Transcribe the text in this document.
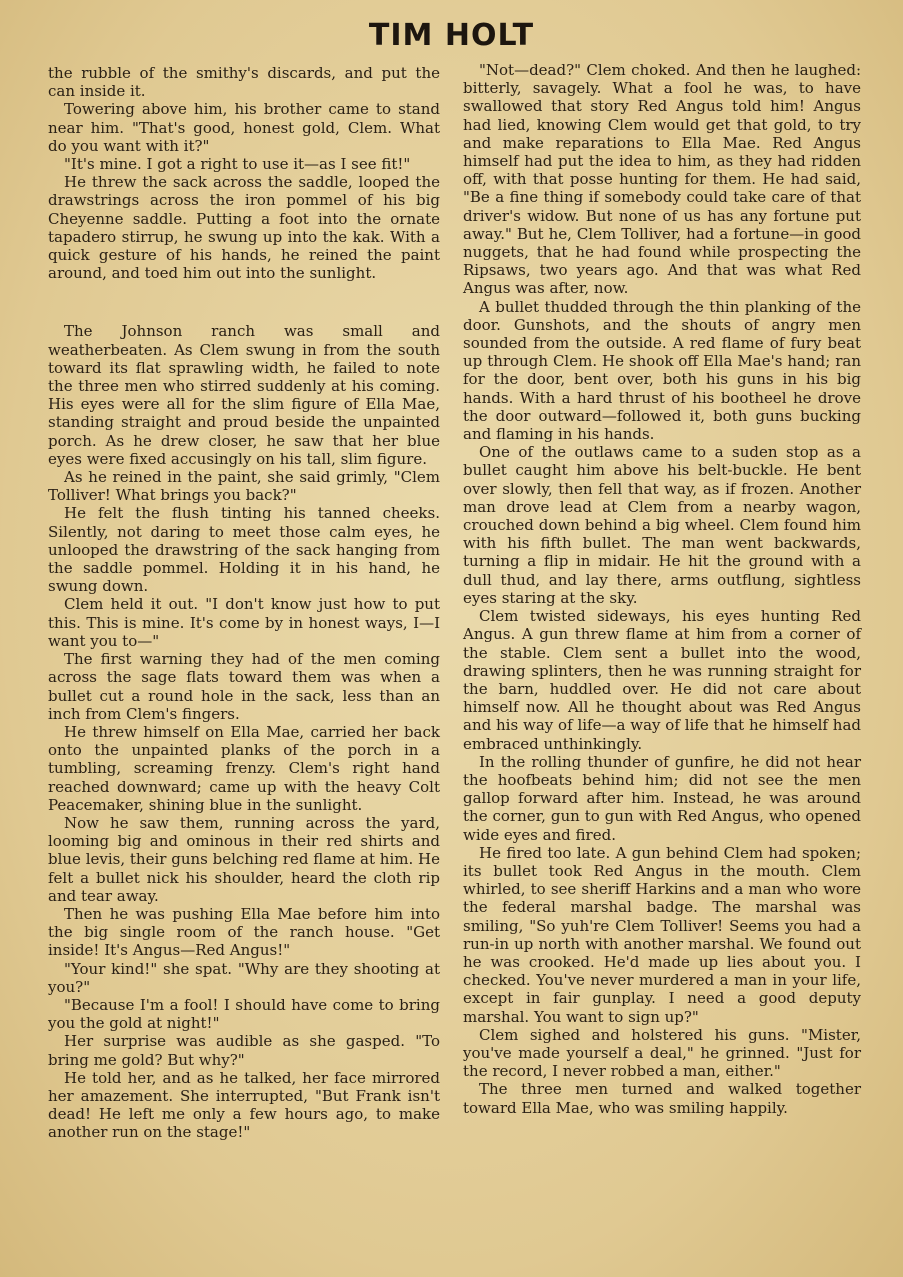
TIM HOLT

the rubble of the smithy's discards, and put the can inside it.

Towering above him, his brother came to stand near him. "That's good, honest gold, Clem. What do you want with it?"

"It's mine. I got a right to use it—as I see fit!"

He threw the sack across the saddle, looped the drawstrings across the iron pommel of his big Cheyenne saddle. Putting a foot into the ornate tapadero stirrup, he swung up into the kak. With a quick gesture of his hands, he reined the paint around, and toed him out into the sunlight.

The Johnson ranch was small and weatherbeaten. As Clem swung in from the south toward its flat sprawling width, he failed to note the three men who stirred suddenly at his coming. His eyes were all for the slim figure of Ella Mae, standing straight and proud beside the unpainted porch. As he drew closer, he saw that her blue eyes were fixed accusingly on his tall, slim figure.

As he reined in the paint, she said grimly, "Clem Tolliver! What brings you back?"

He felt the flush tinting his tanned cheeks. Silently, not daring to meet those calm eyes, he unlooped the drawstring of the sack hanging from the saddle pommel. Holding it in his hand, he swung down.

Clem held it out. "I don't know just how to put this. This is mine. It's come by in honest ways, I—I want you to—"

The first warning they had of the men coming across the sage flats toward them was when a bullet cut a round hole in the sack, less than an inch from Clem's fingers.

He threw himself on Ella Mae, carried her back onto the unpainted planks of the porch in a tumbling, screaming frenzy. Clem's right hand reached downward; came up with the heavy Colt Peacemaker, shining blue in the sunlight.

Now he saw them, running across the yard, looming big and ominous in their red shirts and blue levis, their guns belching red flame at him. He felt a bullet nick his shoulder, heard the cloth rip and tear away.

Then he was pushing Ella Mae before him into the big single room of the ranch house. "Get inside! It's Angus—Red Angus!"

"Your kind!" she spat. "Why are they shooting at you?"

"Because I'm a fool! I should have come to bring you the gold at night!"

Her surprise was audible as she gasped. "To bring me gold? But why?"

He told her, and as he talked, her face mirrored her amazement. She interrupted, "But Frank isn't dead! He left me only a few hours ago, to make another run on the stage!"

"Not—dead?" Clem choked. And then he laughed: bitterly, savagely. What a fool he was, to have swallowed that story Red Angus told him! Angus had lied, knowing Clem would get that gold, to try and make reparations to Ella Mae. Red Angus himself had put the idea to him, as they had ridden off, with that posse hunting for them. He had said, "Be a fine thing if somebody could take care of that driver's widow. But none of us has any fortune put away." But he, Clem Tolliver, had a fortune—in good nuggets, that he had found while prospecting the Ripsaws, two years ago. And that was what Red Angus was after, now.

A bullet thudded through the thin planking of the door. Gunshots, and the shouts of angry men sounded from the outside. A red flame of fury beat up through Clem. He shook off Ella Mae's hand; ran for the door, bent over, both his guns in his big hands. With a hard thrust of his bootheel he drove the door outward—followed it, both guns bucking and flaming in his hands.

One of the outlaws came to a suden stop as a bullet caught him above his belt-buckle. He bent over slowly, then fell that way, as if frozen. Another man drove lead at Clem from a nearby wagon, crouched down behind a big wheel. Clem found him with his fifth bullet. The man went backwards, turning a flip in midair. He hit the ground with a dull thud, and lay there, arms outflung, sightless eyes staring at the sky.

Clem twisted sideways, his eyes hunting Red Angus. A gun threw flame at him from a corner of the stable. Clem sent a bullet into the wood, drawing splinters, then he was running straight for the barn, huddled over. He did not care about himself now. All he thought about was Red Angus and his way of life—a way of life that he himself had embraced unthinkingly.

In the rolling thunder of gunfire, he did not hear the hoofbeats behind him; did not see the men gallop forward after him. Instead, he was around the corner, gun to gun with Red Angus, who opened wide eyes and fired.

He fired too late. A gun behind Clem had spoken; its bullet took Red Angus in the mouth. Clem whirled, to see sheriff Harkins and a man who wore the federal marshal badge. The marshal was smiling, "So yuh're Clem Tolliver! Seems you had a run-in up north with another marshal. We found out he was crooked. He'd made up lies about you. I checked. You've never murdered a man in your life, except in fair gunplay. I need a good deputy marshal. You want to sign up?"

Clem sighed and holstered his guns. "Mister, you've made yourself a deal," he grinned. "Just for the record, I never robbed a man, either."

The three men turned and walked together toward Ella Mae, who was smiling happily.
